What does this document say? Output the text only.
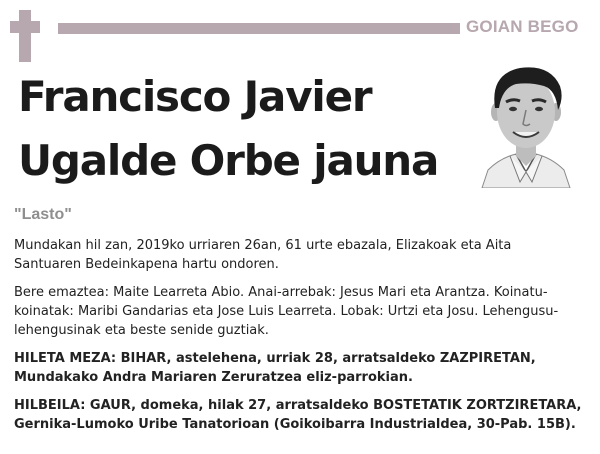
GOIAN BEGO
Francisco Javier
Ugalde Orbe jauna
"Lasto"
Mundakan hil zan, 2019ko urriaren 26an, 61 urte ebazala, Elizakoak eta Aita
Santuaren Bedeinkapena hartu ondoren.
Bere emaztea: Maite Learreta Abio. Anai-arrebak: Jesus Mari eta Arantza. Koinatu-
koinatak: Maribi Gandarias eta Jose Luis Learreta. Lobak: Urtzi eta Josu. Lehengusu-
lehengusinak eta beste senide guztiak.
HILETA MEZA: BIHAR, astelehena, urriak 28, arratsaldeko ZAZPIRETAN,
Mundakako Andra Mariaren Zeruratzea eliz-parrokian.
HILBEILA: GAUR, domeka, hilak 27, arratsaldeko BOSTETATIK ZORTZIRETARA,
Gernika-Lumoko Uribe Tanatorioan (Goikoibarra Industrialdea, 30-Pab. 15B).
